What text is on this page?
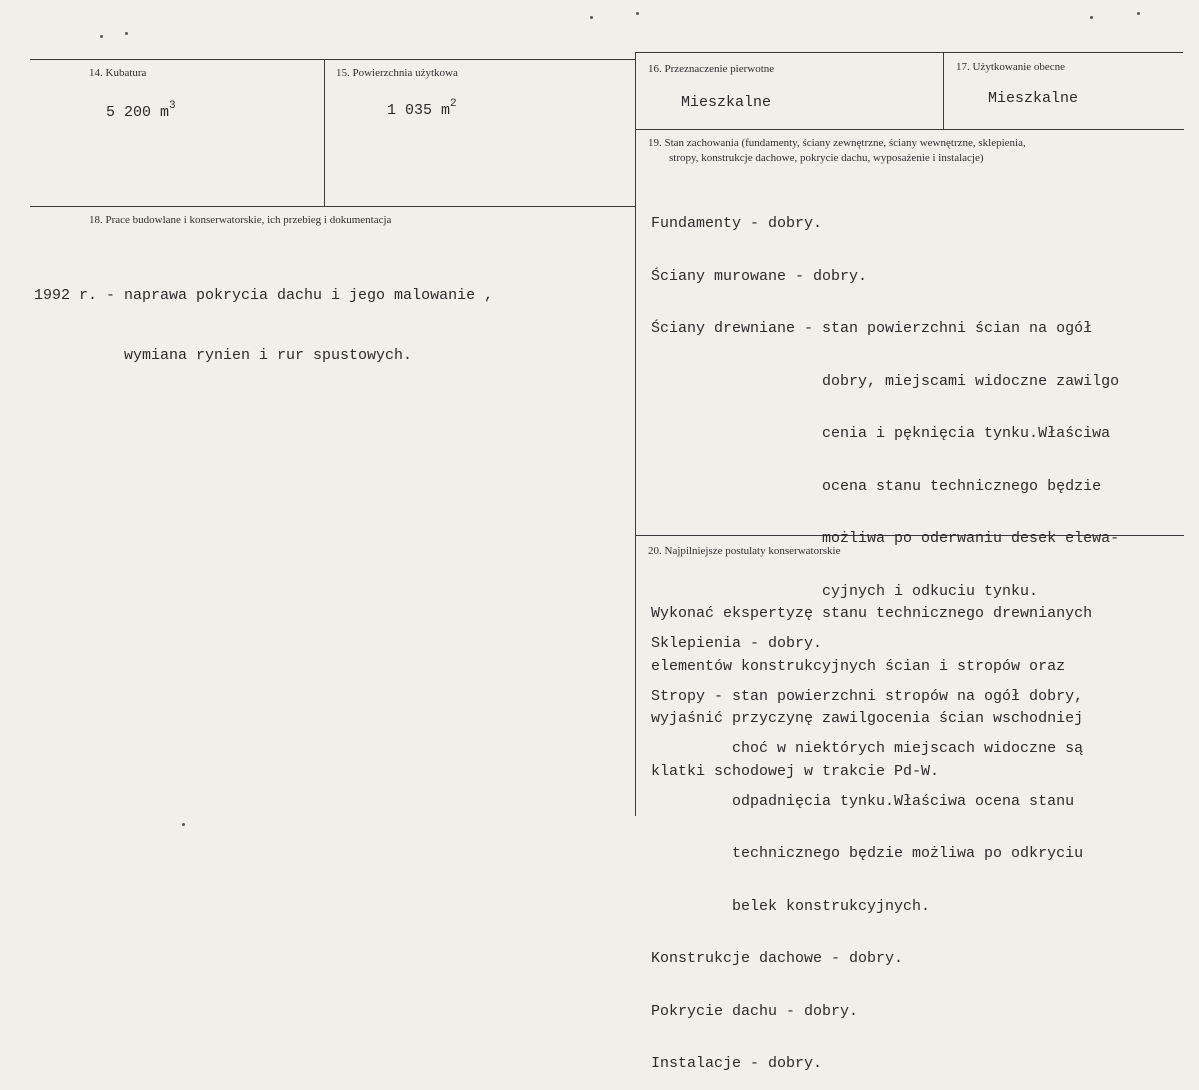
14. Kubatura
5 200 $m^3$
15. Powierzchnia użytkowa
1 035 $m^2$
16. Przeznaczenie pierwotne
Mieszkalne
17. Użytkowanie obecne
Mieszkalne
19. Stan zachowania (fundamenty, ściany zewnętrzne, ściany wewnętrzne, sklepienia,
stropy, konstrukcje dachowe, pokrycie dachu, wyposażenie i instalacje)

Fundamenty - dobry.

Ściany murowane - dobry.

Ściany drewniane - stan powierzchni ścian na ogół

dobry, miejscami widoczne zawilgo

cenia i pęknięcia tynku.Właściwa

ocena stanu technicznego będzie

możliwa po oderwaniu desek elewa-

cyjnych i odkuciu tynku.

Sklepienia - dobry.

Stropy - stan powierzchni stropów na ogół dobry,

choć w niektórych miejscach widoczne są

odpadnięcia tynku.Właściwa ocena stanu

technicznego będzie możliwa po odkryciu

belek konstrukcyjnych.

Konstrukcje dachowe - dobry.

Pokrycie dachu - dobry.

Instalacje - dobry.

18. Prace budowlane i konserwatorskie, ich przebieg i dokumentacja

1992 r. - naprawa pokrycia dachu i jego malowanie ,

wymiana rynien i rur spustowych.

20. Najpilniejsze postulaty konserwatorskie

Wykonać ekspertyzę stanu technicznego drewnianych

elementów konstrukcyjnych ścian i stropów oraz

wyjaśnić przyczynę zawilgocenia ścian wschodniej

klatki schodowej w trakcie Pd-W.
